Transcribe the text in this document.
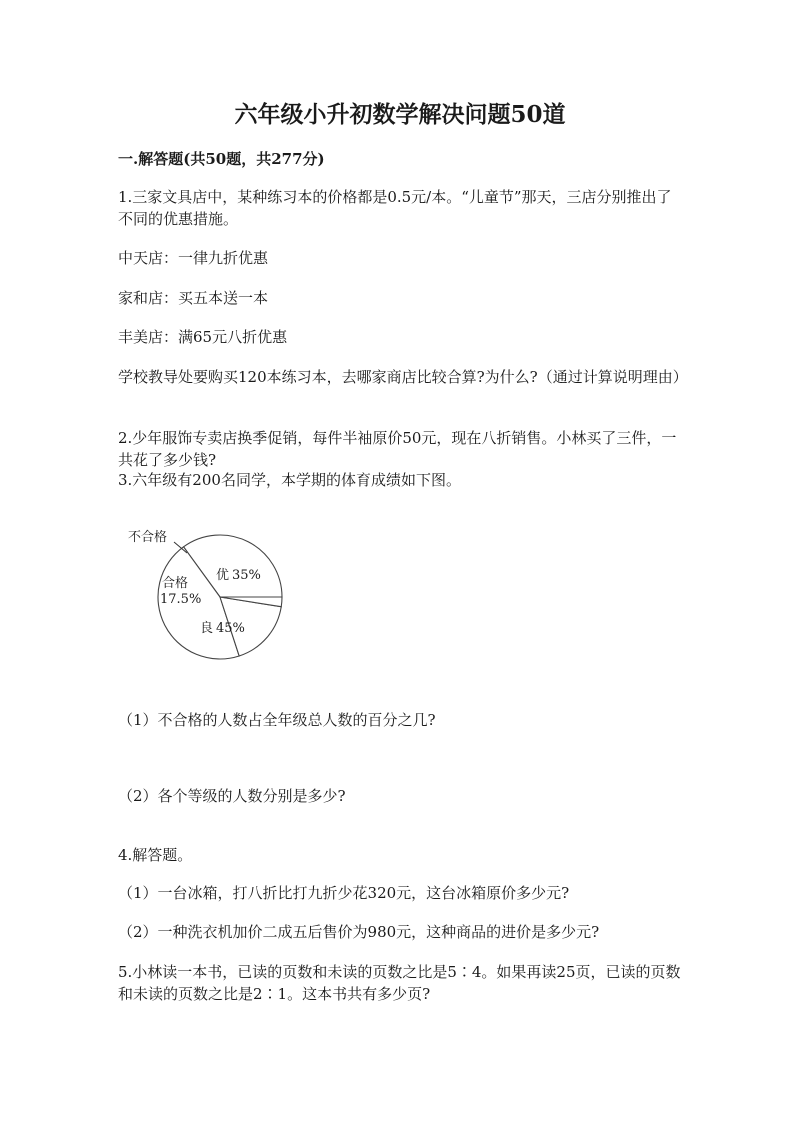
六年级小升初数学解决问题50道
一.解答题(共50题，共277分)

1.三家文具店中，某种练习本的价格都是0.5元/本。“儿童节”那天，三店分别推出了不同的优惠措施。

中天店：一律九折优惠

家和店：买五本送一本

丰美店：满65元八折优惠

学校教导处要购买120本练习本，去哪家商店比较合算?为什么?（通过计算说明理由）

2.少年服饰专卖店换季促销，每件半袖原价50元，现在八折销售。小林买了三件，一共花了多少钱?

3.六年级有200名同学，本学期的体育成绩如下图。

不合格
优 35%
合格
17.5%
良 45%

（1）不合格的人数占全年级总人数的百分之几?

（2）各个等级的人数分别是多少?

4.解答题。

（1）一台冰箱，打八折比打九折少花320元，这台冰箱原价多少元?

（2）一种洗衣机加价二成五后售价为980元，这种商品的进价是多少元?

5.小林读一本书，已读的页数和未读的页数之比是5∶4。如果再读25页，已读的页数和未读的页数之比是2∶1。这本书共有多少页?
